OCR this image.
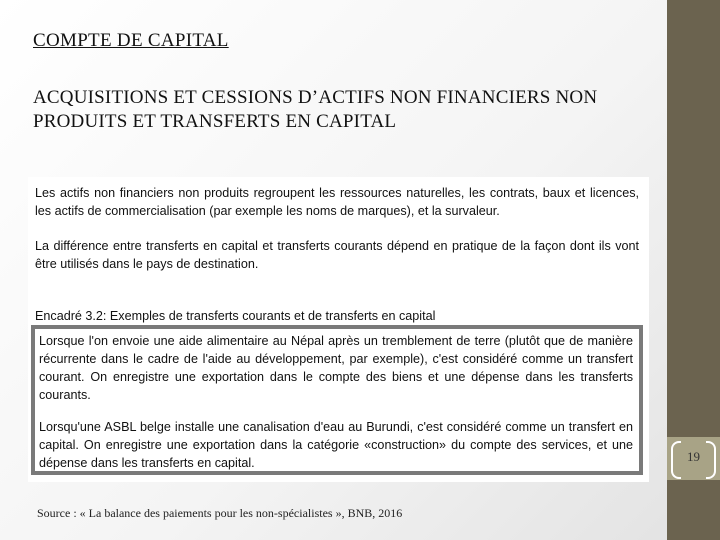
19
COMPTE DE CAPITAL
ACQUISITIONS ET CESSIONS D’ACTIFS NON FINANCIERS NON PRODUITS ET TRANSFERTS EN CAPITAL
Les actifs non financiers non produits regroupent les ressources naturelles, les contrats, baux et licences, les actifs de commercialisation (par exemple les noms de marques), et la survaleur.
La différence entre transferts en capital et transferts courants dépend en pratique de la façon dont ils vont être utilisés dans le pays de destination.
Encadré 3.2: Exemples de transferts courants et de transferts en capital
Lorsque l'on envoie une aide alimentaire au Népal après un tremblement de terre (plutôt que de manière récurrente dans le cadre de l'aide au développement, par exemple), c'est considéré comme un transfert courant. On enregistre une exportation dans le compte des biens et une dépense dans les transferts courants.
Lorsqu'une ASBL belge installe une canalisation d'eau au Burundi, c'est considéré comme un transfert en capital. On enregistre une exportation dans la catégorie «construction» du compte des services, et une dépense dans les transferts en capital.
Source : « La balance des paiements pour les non-spécialistes », BNB, 2016
